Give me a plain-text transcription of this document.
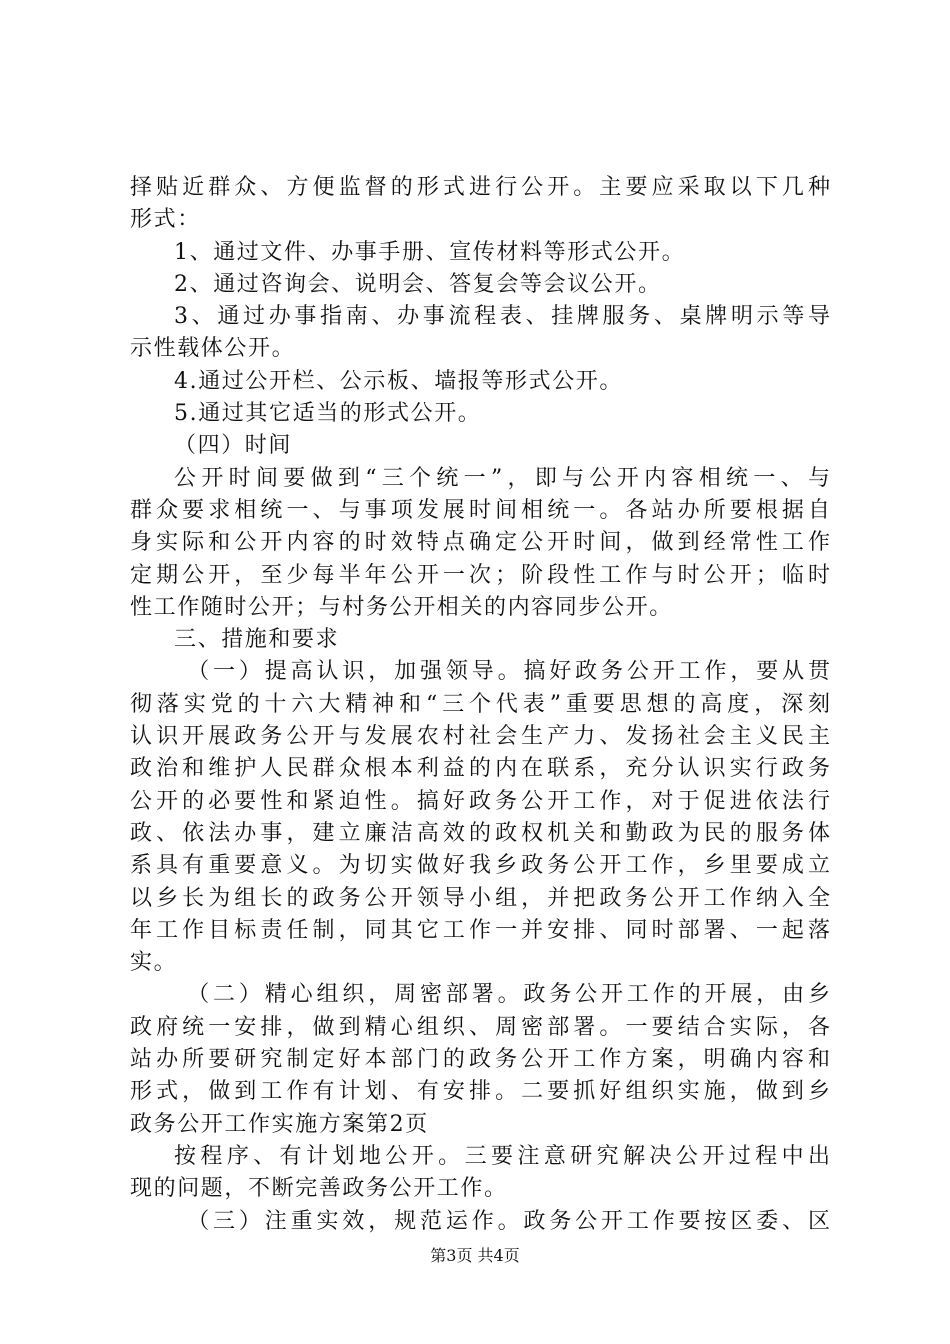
择贴近群众、方便监督的形式进行公开。主要应采取以下几种
形式：
1、通过文件、办事手册、宣传材料等形式公开。
2、通过咨询会、说明会、答复会等会议公开。
3、通过办事指南、办事流程表、挂牌服务、桌牌明示等导
示性载体公开。
4.通过公开栏、公示板、墙报等形式公开。
5.通过其它适当的形式公开。
（四）时间
公开时间要做到“三个统一”，即与公开内容相统一、与
群众要求相统一、与事项发展时间相统一。各站办所要根据自
身实际和公开内容的时效特点确定公开时间，做到经常性工作
定期公开，至少每半年公开一次；阶段性工作与时公开；临时
性工作随时公开；与村务公开相关的内容同步公开。
三、措施和要求
（一）提高认识，加强领导。搞好政务公开工作，要从贯
彻落实党的十六大精神和“三个代表”重要思想的高度，深刻
认识开展政务公开与发展农村社会生产力、发扬社会主义民主
政治和维护人民群众根本利益的内在联系，充分认识实行政务
公开的必要性和紧迫性。搞好政务公开工作，对于促进依法行
政、依法办事，建立廉洁高效的政权机关和勤政为民的服务体
系具有重要意义。为切实做好我乡政务公开工作，乡里要成立
以乡长为组长的政务公开领导小组，并把政务公开工作纳入全
年工作目标责任制，同其它工作一并安排、同时部署、一起落
实。
（二）精心组织，周密部署。政务公开工作的开展，由乡
政府统一安排，做到精心组织、周密部署。一要结合实际，各
站办所要研究制定好本部门的政务公开工作方案，明确内容和
形式，做到工作有计划、有安排。二要抓好组织实施，做到乡
政务公开工作实施方案第2页
按程序、有计划地公开。三要注意研究解决公开过程中出
现的问题，不断完善政务公开工作。
（三）注重实效，规范运作。政务公开工作要按区委、区
第3页 共4页
